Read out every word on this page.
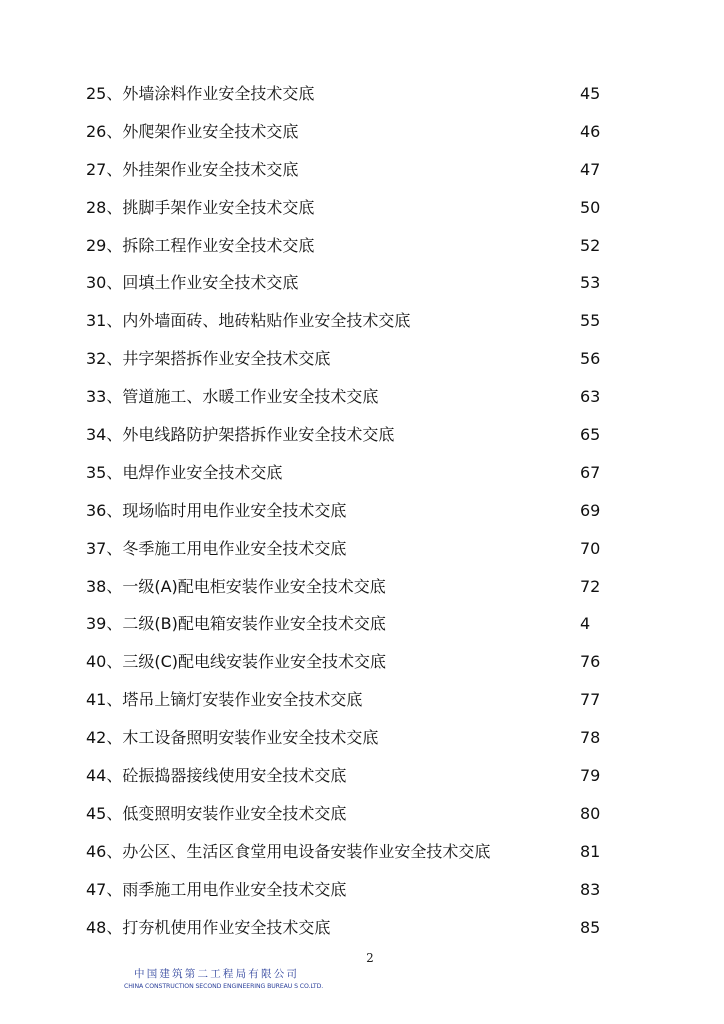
25、外墙涂料作业安全技术交底	45
26、外爬架作业安全技术交底	46
27、外挂架作业安全技术交底	47
28、挑脚手架作业安全技术交底	50
29、拆除工程作业安全技术交底	52
30、回填土作业安全技术交底	53
31、内外墙面砖、地砖粘贴作业安全技术交底	55
32、井字架搭拆作业安全技术交底	56
33、管道施工、水暖工作业安全技术交底	63
34、外电线路防护架搭拆作业安全技术交底	65
35、电焊作业安全技术交底	67
36、现场临时用电作业安全技术交底	69
37、冬季施工用电作业安全技术交底	70
38、一级(A)配电柜安装作业安全技术交底	72
39、二级(B)配电箱安装作业安全技术交底	4
40、三级(C)配电线安装作业安全技术交底	76
41、塔吊上镝灯安装作业安全技术交底	77
42、木工设备照明安装作业安全技术交底	78
44、砼振捣器接线使用安全技术交底	79
45、低变照明安装作业安全技术交底	80
46、办公区、生活区食堂用电设备安装作业安全技术交底	81
47、雨季施工用电作业安全技术交底	83
48、打夯机使用作业安全技术交底	85
2
中国建筑第二工程局有限公司
CHINA CONSTRUCTION SECOND ENGINEERING BUREAU S CO.LTD.
